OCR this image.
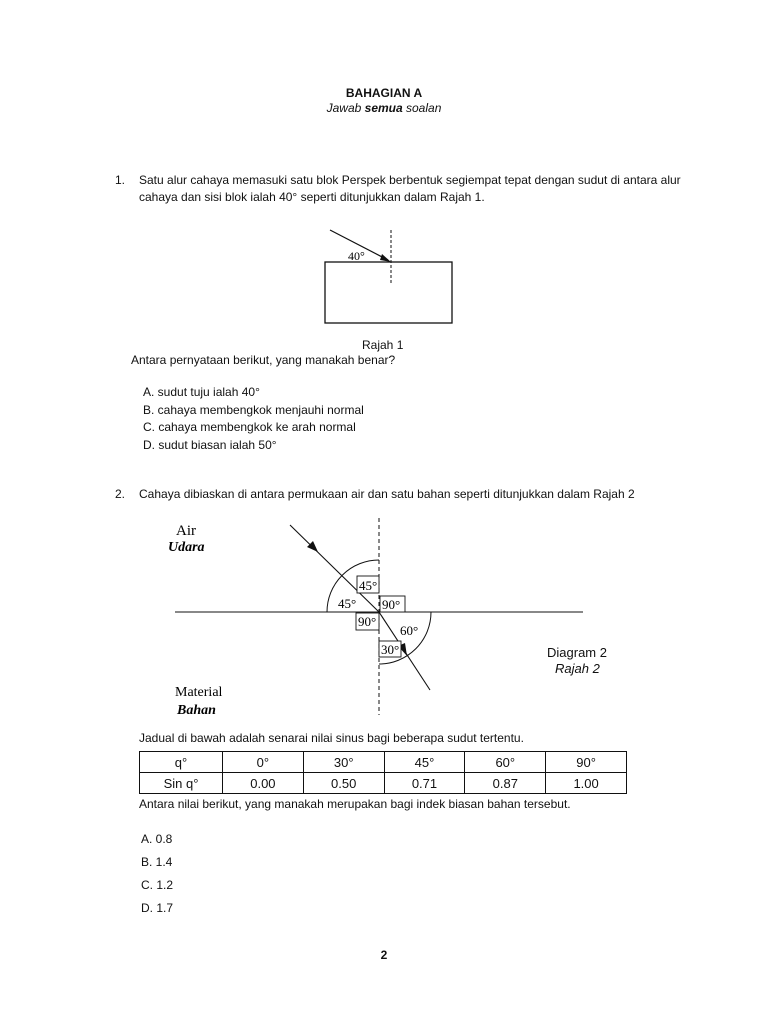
BAHAGIAN A
Jawab semua soalan
1. Satu alur cahaya memasuki satu blok Perspek berbentuk segiempat tepat dengan sudut di antara alur
cahaya dan sisi blok ialah 40° seperti ditunjukkan dalam Rajah 1.
40°
Rajah 1
Antara pernyataan berikut, yang manakah benar?
A. sudut tuju ialah 40°
B. cahaya membengkok menjauhi normal
C. cahaya membengkok ke arah normal
D. sudut biasan ialah 50°
2. Cahaya dibiaskan di antara permukaan air dan satu bahan seperti ditunjukkan dalam Rajah 2
45°
45° 90°
90°
60°
30°
Air
Udara
Material
Bahan
Diagram 2
Rajah 2
Jadual di bawah adalah senarai nilai sinus bagi beberapa sudut tertentu.
q°	0°	30°	45°	60°	90°
Sin q°	0.00	0.50	0.71	0.87	1.00
Antara nilai berikut, yang manakah merupakan bagi indek biasan bahan tersebut.
A. 0.8
B. 1.4
C. 1.2
D. 1.7
2
